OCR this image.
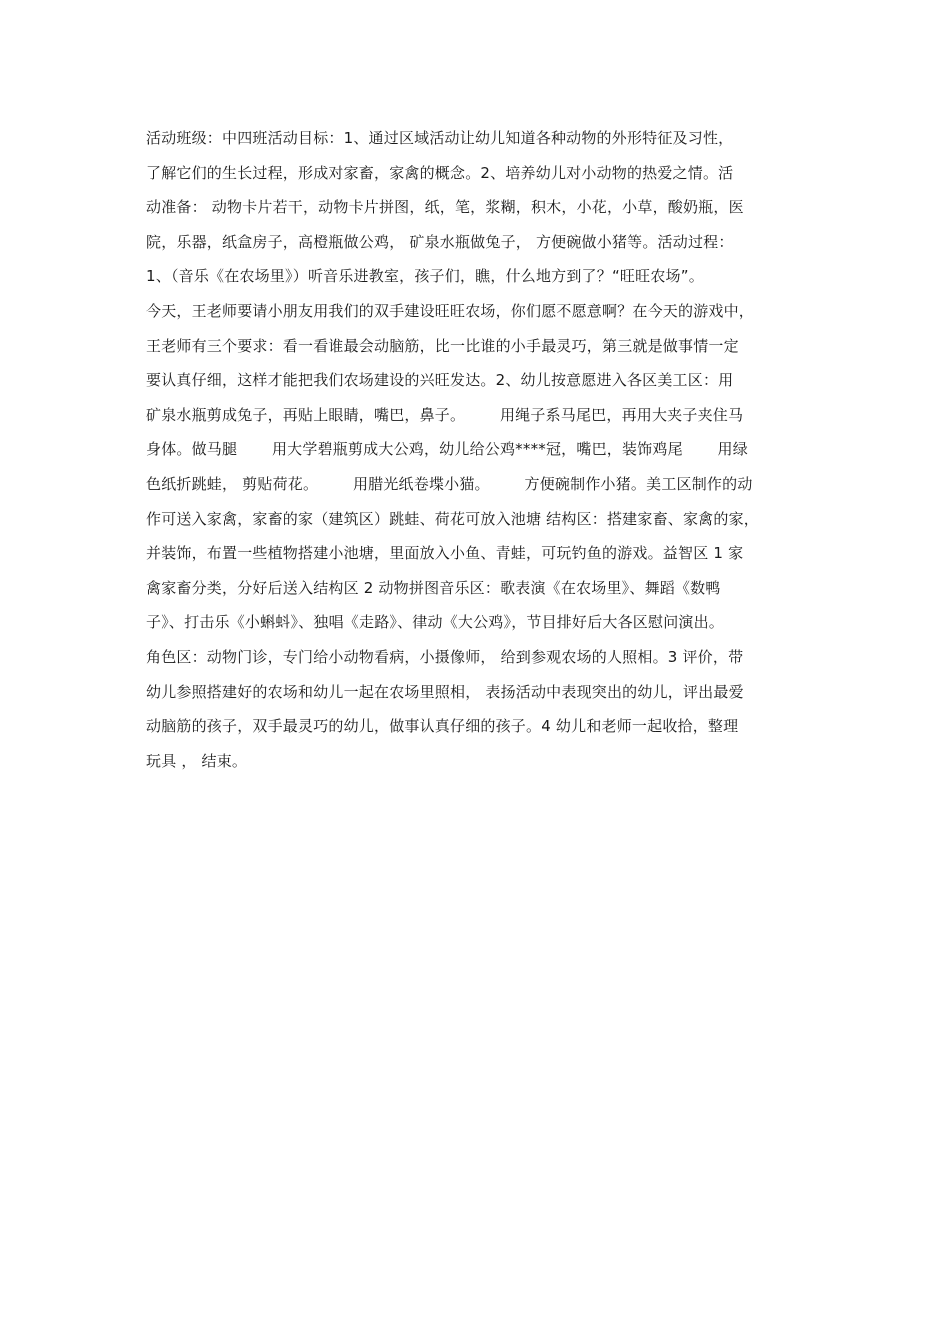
活动班级：中四班活动目标：1、通过区域活动让幼儿知道各种动物的外形特征及习性，
了解它们的生长过程，形成对家畜，家禽的概念。2、培养幼儿对小动物的热爱之情。活
动准备： 动物卡片若干，动物卡片拼图，纸，笔，浆糊，积木，小花，小草，酸奶瓶，医
院，乐器，纸盒房子，高橙瓶做公鸡， 矿泉水瓶做兔子， 方便碗做小猪等。活动过程：
1、（音乐《在农场里》）听音乐进教室，孩子们，瞧，什么地方到了？“旺旺农场”。
今天，王老师要请小朋友用我们的双手建设旺旺农场，你们愿不愿意啊？在今天的游戏中，
王老师有三个要求：看一看谁最会动脑筋，比一比谁的小手最灵巧，第三就是做事情一定
要认真仔细，这样才能把我们农场建设的兴旺发达。2、幼儿按意愿进入各区美工区：用
矿泉水瓶剪成兔子，再贴上眼睛，嘴巴，鼻子。       用绳子系马尾巴，再用大夹子夹住马
身体。做马腿       用大学碧瓶剪成大公鸡，幼儿给公鸡****冠，嘴巴，装饰鸡尾       用绿
色纸折跳蛙， 剪贴荷花。       用腊光纸卷堞小猫。       方便碗制作小猪。美工区制作的动
作可送入家禽，家畜的家（建筑区）跳蛙、荷花可放入池塘 结构区：搭建家畜、家禽的家，
并装饰，布置一些植物搭建小池塘，里面放入小鱼、青蛙，可玩钓鱼的游戏。益智区 1 家
禽家畜分类，分好后送入结构区 2 动物拼图音乐区：歌表演《在农场里》、舞蹈《数鸭
子》、打击乐《小蝌蚪》、独唱《走路》、律动《大公鸡》，节目排好后大各区慰问演出。
角色区：动物门诊，专门给小动物看病，小摄像师， 给到参观农场的人照相。3 评价，带
幼儿参照搭建好的农场和幼儿一起在农场里照相， 表扬活动中表现突出的幼儿，评出最爱
动脑筋的孩子，双手最灵巧的幼儿，做事认真仔细的孩子。4 幼儿和老师一起收拾，整理
玩具 ， 结束。
